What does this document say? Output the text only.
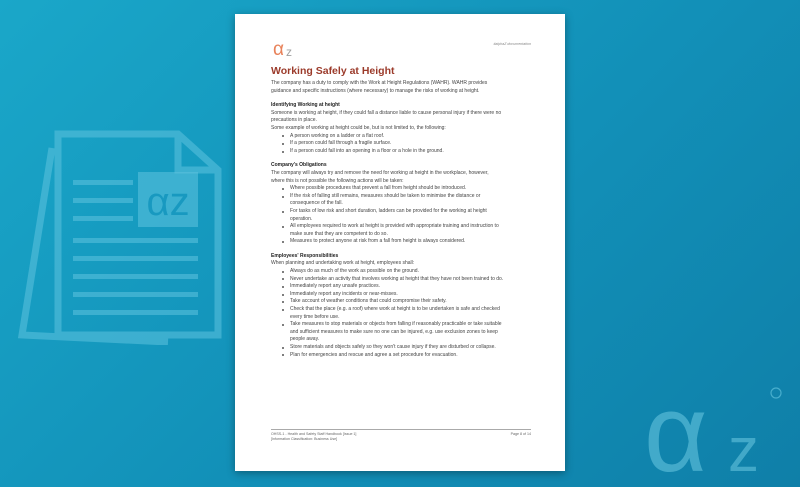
αz
α z
α z
#alphaZ documentation
Working Safely at Height
The company has a duty to comply with the Work at Height Regulations (WAHR). WAHR provides
guidance and specific instructions (where necessary) to manage the risks of working at height.
Identifying Working at height
Someone is working at height, if they could fall a distance liable to cause personal injury if there were no
precautions in place.
Some example of working at height could be, but is not limited to, the following:
A person working on a ladder or a flat roof.
If a person could fall through a fragile surface.
If a person could fall into an opening in a floor or a hole in the ground.
Company's Obligations
The company will always try and remove the need for working at height in the workplace, however,
where this is not possible the following actions will be taken:
Where possible procedures that prevent a fall from height should be introduced.
If the risk of falling still remains, measures should be taken to minimise the distance or
consequence of the fall.
For tasks of low risk and short duration, ladders can be provided for the working at height
operation.
All employees required to work at height is provided with appropriate training and instruction to
make sure that they are competent to do so.
Measures to protect anyone at risk from a fall from height is always considered.
Employees' Responsibilities
When planning and undertaking work at height, employees shall:
Always do as much of the work as possible on the ground.
Never undertake an activity that involves working at height that they have not been trained to do.
Immediately report any unsafe practices.
Immediately report any incidents or near-misses.
Take account of weather conditions that could compromise their safety.
Check that the place (e.g. a roof) where work at height is to be undertaken is safe and checked
every time before use.
Take measures to stop materials or objects from falling if reasonably practicable or take suitable
and sufficient measures to make sure no one can be injured, e.g. use exclusion zones to keep
people away.
Store materials and objects safely so they won't cause injury if they are disturbed or collapse.
Plan for emergencies and rescue and agree a set procedure for evacuation.
OHSS-1 - Health and Safety Staff Handbook [Issue 1]
[Information Classification: Business Use]
Page 8 of 14
